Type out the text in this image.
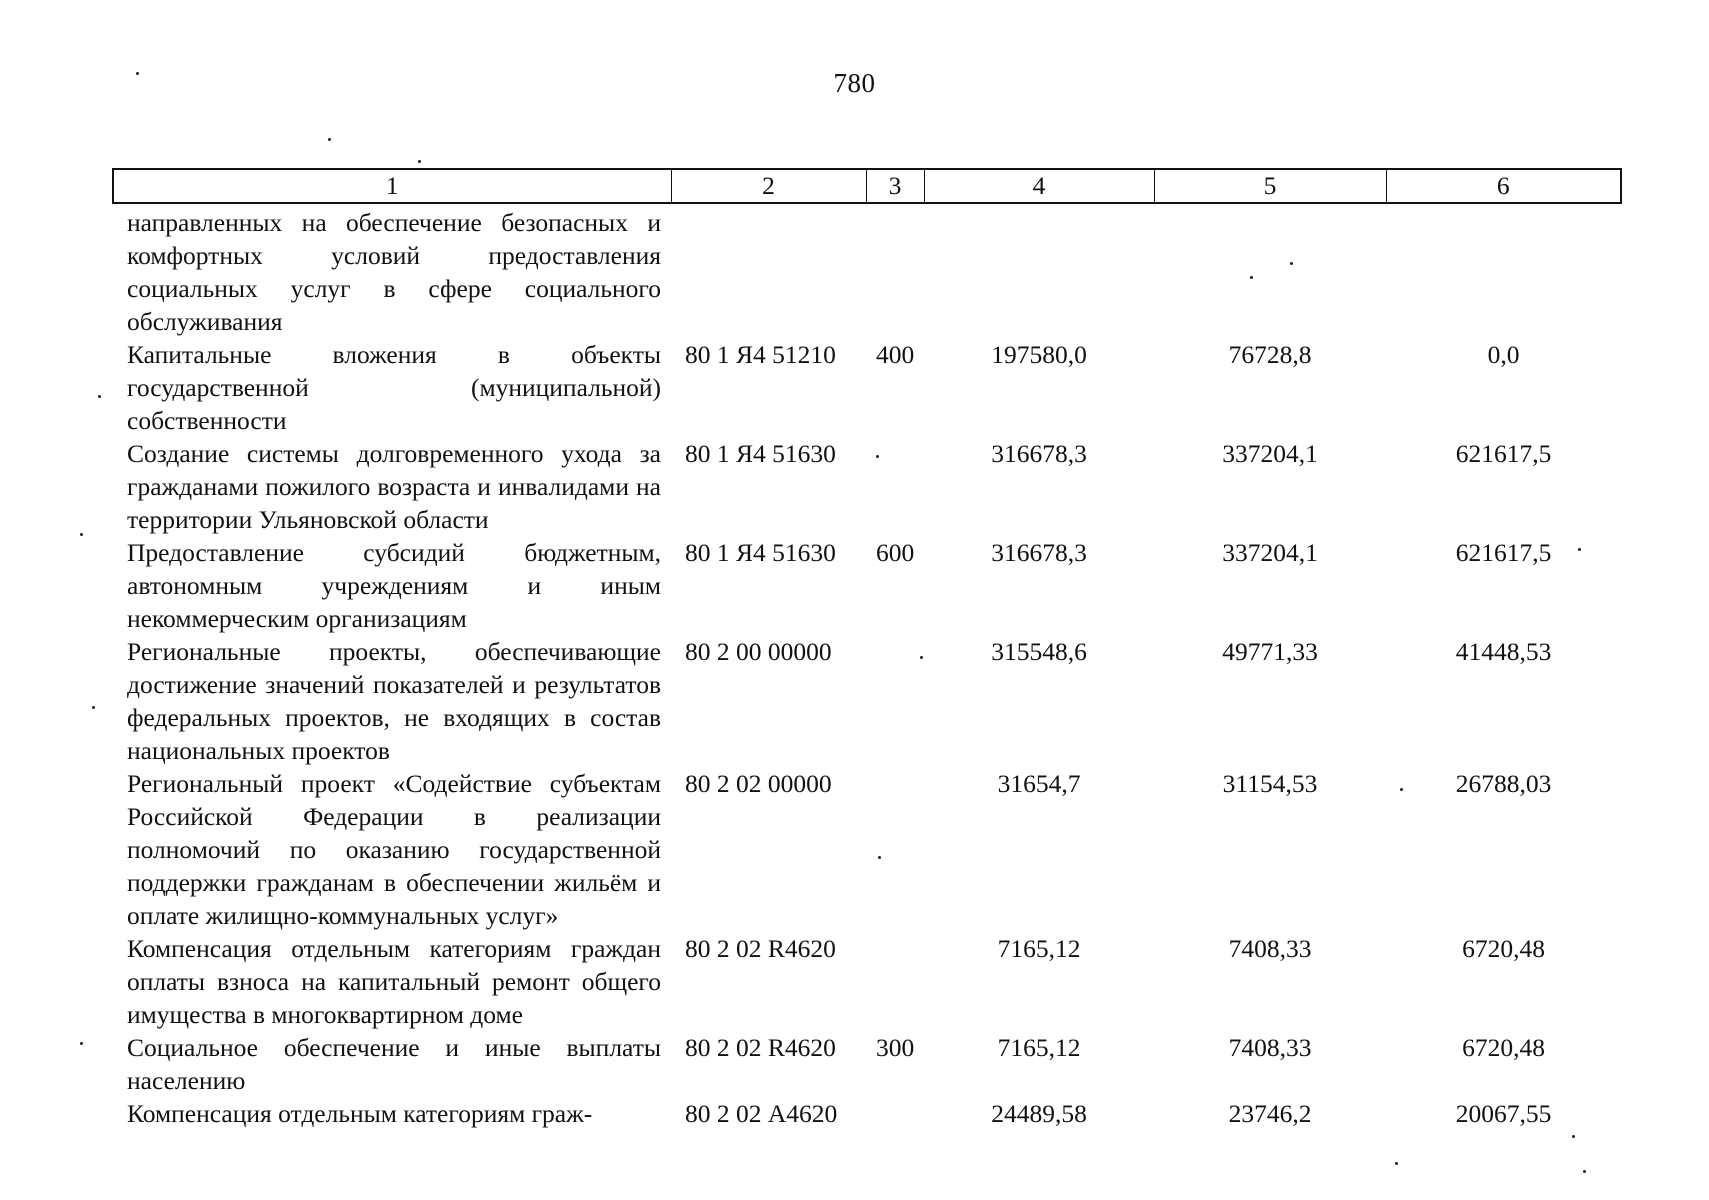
780
1	2	3	4	5	6
направленных на обеспечение безопасных и комфортных условий предоставления социальных услуг в сфере социального обслуживания					
Капитальные вложения в объекты государственной (муниципальной) собственности	80 1 Я4 51210	400	197580,0	76728,8	0,0
Создание системы долговременного ухода за гражданами пожилого возраста и инвалидами на территории Ульяновской области	80 1 Я4 51630		316678,3	337204,1	621617,5
Предоставление субсидий бюджетным, автономным учреждениям и иным некоммерческим организациям	80 1 Я4 51630	600	316678,3	337204,1	621617,5
Региональные проекты, обеспечивающие достижение значений показателей и результатов федеральных проектов, не входящих в состав национальных проектов	80 2 00 00000		315548,6	49771,33	41448,53
Региональный проект «Содействие субъектам Российской Федерации в реализации полномочий по оказанию государственной поддержки гражданам в обеспечении жильём и оплате жилищно-коммунальных услуг»	80 2 02 00000		31654,7	31154,53	26788,03
Компенсация отдельным категориям граждан оплаты взноса на капитальный ремонт общего имущества в многоквартирном доме	80 2 02 R4620		7165,12	7408,33	6720,48
Социальное обеспечение и иные выплаты населению	80 2 02 R4620	300	7165,12	7408,33	6720,48
Компенсация отдельным категориям граж-	80 2 02 А4620		24489,58	23746,2	20067,55
